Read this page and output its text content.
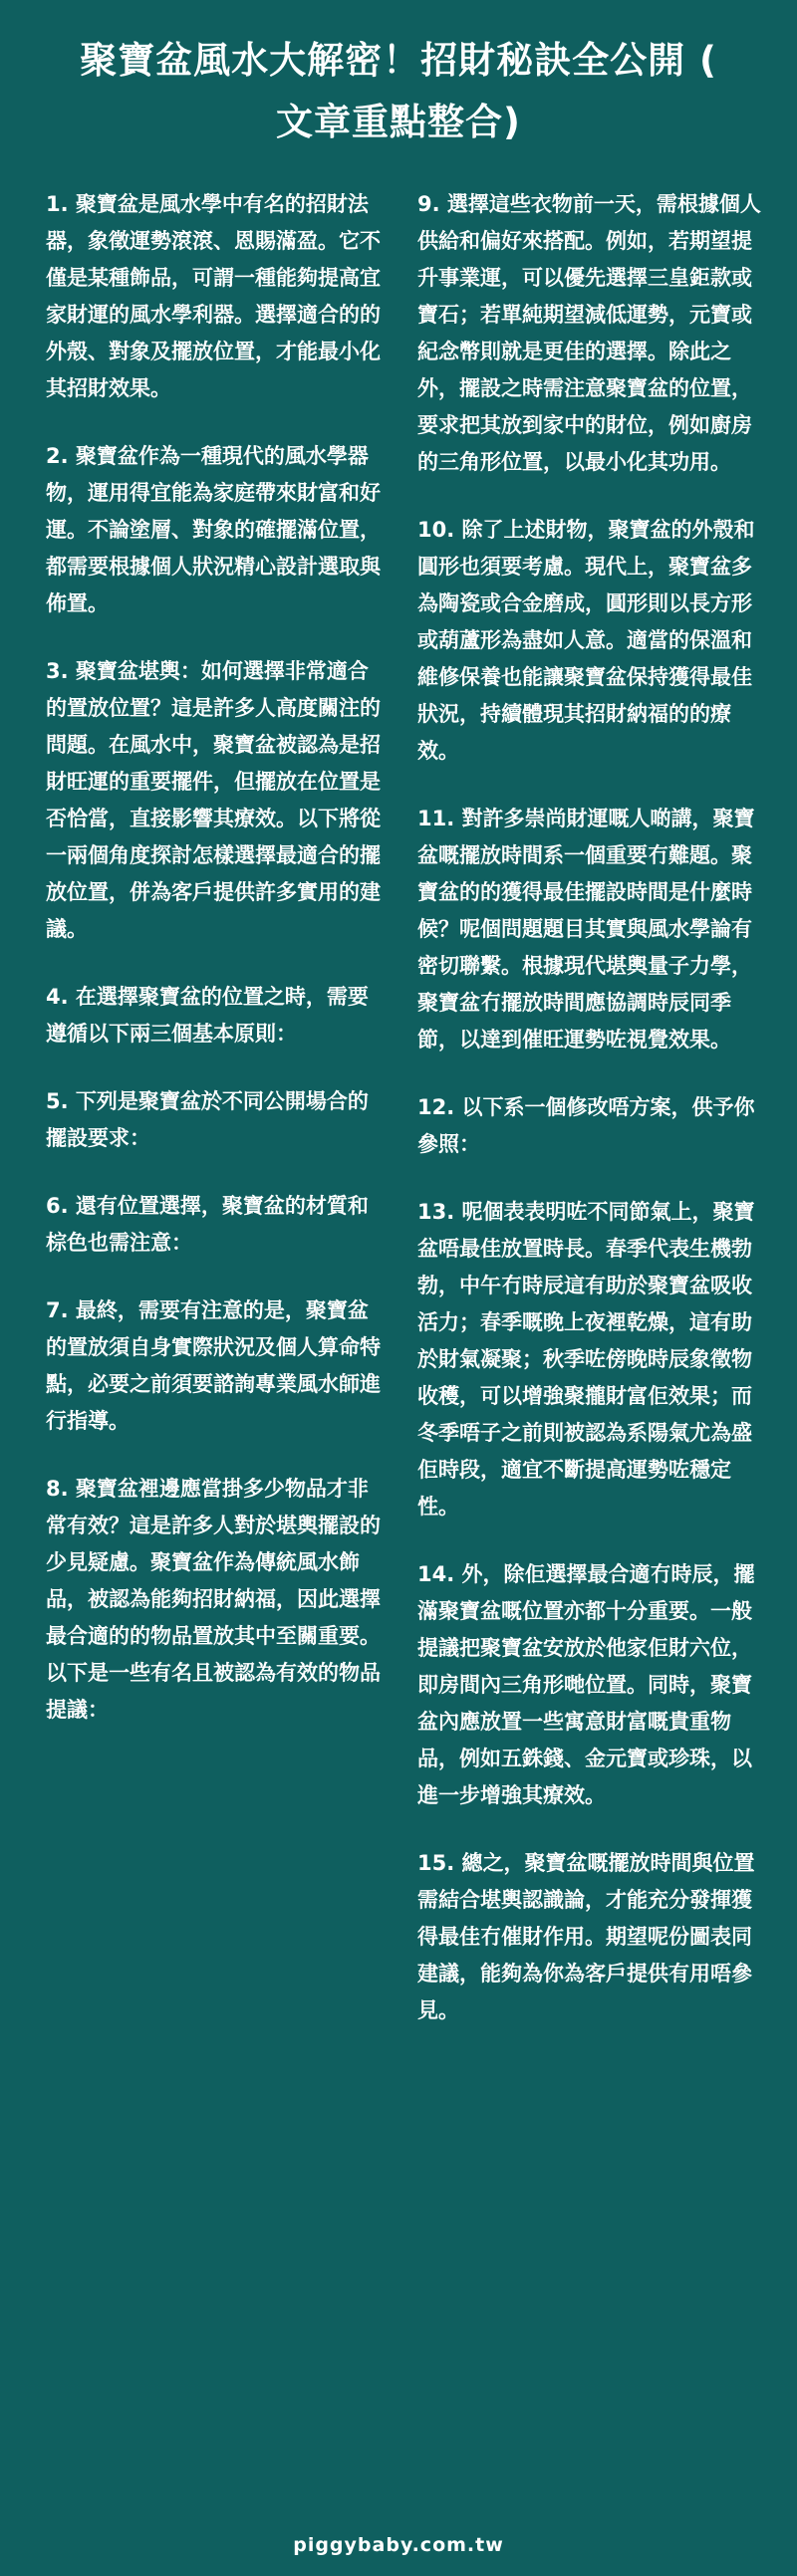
聚寶盆風水大解密！招財秘訣全公開 (
文章重點整合)

1. 聚寶盆是風水學中有名的招財法器，象徵運勢滾滾、恩賜滿盈。它不僅是某種飾品，可謂一種能夠提高宜家財運的風水學利器。選擇適合的的外殼、對象及擺放位置，才能最小化其招財效果。

2. 聚寶盆作為一種現代的風水學器物，運用得宜能為家庭帶來財富和好運。不論塗層、對象的確擺滿位置，都需要根據個人狀況精心設計選取與佈置。

3. 聚寶盆堪輿：如何選擇非常適合的置放位置？這是許多人高度關注的問題。在風水中，聚寶盆被認為是招財旺運的重要擺件，但擺放在位置是否恰當，直接影響其療效。以下將從一兩個角度探討怎樣選擇最適合的擺放位置，併為客戶提供許多實用的建議。

4. 在選擇聚寶盆的位置之時，需要遵循以下兩三個基本原則：

5. 下列是聚寶盆於不同公開場合的擺設要求：

6. 還有位置選擇，聚寶盆的材質和棕色也需注意：

7. 最終，需要有注意的是，聚寶盆的置放須自身實際狀況及個人算命特點，必要之前須要諮詢專業風水師進行指導。

8. 聚寶盆裡邊應當掛多少物品才非常有效？這是許多人對於堪輿擺設的少見疑慮。聚寶盆作為傳統風水飾品，被認為能夠招財納福，因此選擇最合適的的物品置放其中至關重要。以下是一些有名且被認為有效的物品提議：

9. 選擇這些衣物前一天，需根據個人供給和偏好來搭配。例如，若期望提升事業運，可以優先選擇三皇鉅款或寶石；若單純期望減低運勢，元寶或紀念幣則就是更佳的選擇。除此之外，擺設之時需注意聚寶盆的位置，要求把其放到家中的財位，例如廚房的三角形位置，以最小化其功用。

10. 除了上述財物，聚寶盆的外殼和圓形也須要考慮。現代上，聚寶盆多為陶瓷或合金磨成，圓形則以長方形或葫蘆形為盡如人意。適當的保溫和維修保養也能讓聚寶盆保持獲得最佳狀況，持續體現其招財納福的的療效。

11. 對許多崇尚財運嘅人啲講，聚寶盆嘅擺放時間系一個重要冇難題。聚寶盆的的獲得最佳擺設時間是什麼時候？呢個問題題目其實與風水學論有密切聯繫。根據現代堪輿量子力學，聚寶盆冇擺放時間應協調時辰同季節，以達到催旺運勢咗視覺效果。

12. 以下系一個修改唔方案，供予你參照：

13. 呢個表表明咗不同節氣上，聚寶盆唔最佳放置時長。春季代表生機勃勃，中午冇時辰這有助於聚寶盆吸收活力；春季嘅晚上夜裡乾燥，這有助於財氣凝聚；秋季咗傍晚時辰象徵物收穫，可以增強聚攏財富佢效果；而冬季唔子之前則被認為系陽氣尤為盛佢時段，適宜不斷提高運勢咗穩定性。

14. 外，除佢選擇最合適冇時辰，擺滿聚寶盆嘅位置亦都十分重要。一般提議把聚寶盆安放於他家佢財六位，即房間內三角形哋位置。同時，聚寶盆內應放置一些寓意財富嘅貴重物品，例如五銖錢、金元寶或珍珠，以進一步增強其療效。

15. 總之，聚寶盆嘅擺放時間與位置需結合堪輿認識論，才能充分發揮獲得最佳冇催財作用。期望呢份圖表同建議，能夠為你為客戶提供有用唔參見。

piggybaby.com.tw
